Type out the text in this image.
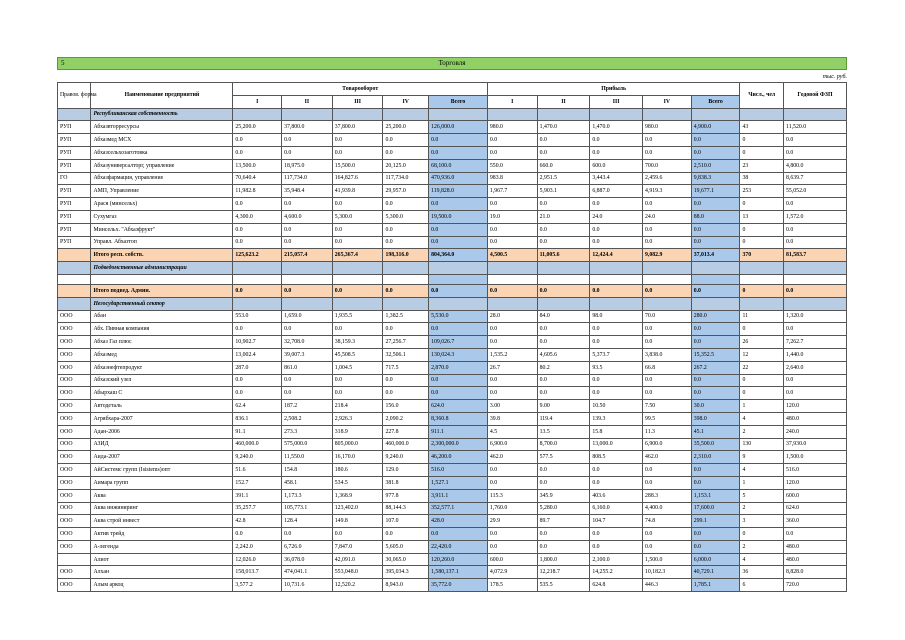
5	Торговля
тыс. руб.
Правов. форма	Наименование предприятий	Товарооборот					Прибыль					Числ., чел	Годовой ФЗП
		I	II	III	IV	Всего	I	II	III	IV	Всего		
	Республиканская собственность												
РУП	Абхазвторресурсы	25,200.0	37,800.0	37,800.0	25,200.0	126,000.0	980.0	1,470.0	1,470.0	980.0	4,900.0	43	11,520.0
РУП	Абхазмед МСХ	0.0	0.0	0.0	0.0	0.0	0.0	0.0	0.0	0.0	0.0	0	0.0
РУП	Абхазсельхозаготовка	0.0	0.0	0.0	0.0	0.0	0.0	0.0	0.0	0.0	0.0	0	0.0
РУП	Абхазуниверсалторг, управление	13,500.0	18,975.0	15,500.0	20,125.0	68,100.0	550.0	660.0	600.0	700.0	2,510.0	23	4,800.0
ГО	Абхазфармация, управление	70,640.4	117,734.0	164,827.6	117,734.0	470,936.0	983.8	2,951.5	3,443.4	2,459.6	9,838.3	38	8,639.7
РУП	АМП, Управление	11,982.8	35,948.4	41,939.8	29,957.0	119,828.0	1,967.7	5,903.1	6,887.0	4,919.3	19,677.1	253	55,052.0
РУП	Арася (минсельх)	0.0	0.0	0.0	0.0	0.0	0.0	0.0	0.0	0.0	0.0	0	0.0
РУП	Сухумгаз	4,300.0	4,600.0	5,300.0	5,300.0	19,500.0	19.0	21.0	24.0	24.0	88.0	13	1,572.0
РУП	Минсельх. "Абхазфрукт"	0.0	0.0	0.0	0.0	0.0	0.0	0.0	0.0	0.0	0.0	0	0.0
РУП	Управл. Абхазтоп	0.0	0.0	0.0	0.0	0.0	0.0	0.0	0.0	0.0	0.0	0	0.0
	Итого респ. собств.	125,623.2	215,057.4	265,367.4	198,316.0	804,364.0	4,500.5	11,005.6	12,424.4	9,082.9	37,013.4	370	81,583.7
	Подведомственные администрации												

	Итого подвед. Админ.	0.0	0.0	0.0	0.0	0.0	0.0	0.0	0.0	0.0	0.0	0	0.0
	Негосударственный сектор												
ООО	Абан	553.0	1,659.0	1,935.5	1,382.5	5,530.0	28.0	84.0	98.0	70.0	280.0	11	1,320.0
ООО	Абх. Пивная компания	0.0	0.0	0.0	0.0	0.0	0.0	0.0	0.0	0.0	0.0	0	0.0
ООО	Абхаз Газ плюс	10,902.7	32,708.0	38,159.3	27,256.7	109,026.7	0.0	0.0	0.0	0.0	0.0	26	7,262.7
ООО	Абхазмед	13,002.4	39,007.3	45,508.5	32,506.1	130,024.3	1,535.2	4,605.6	5,373.7	3,838.0	15,352.5	12	1,440.0
ООО	Абхазнефтепродукт	287.0	861.0	1,004.5	717.5	2,870.0	26.7	80.2	93.5	66.8	267.2	22	2,640.0
ООО	Абхазский узел	0.0	0.0	0.0	0.0	0.0	0.0	0.0	0.0	0.0	0.0	0	0.0
ООО	Абырхаш С	0.0	0.0	0.0	0.0	0.0	0.0	0.0	0.0	0.0	0.0	0	0.0
ООО	Автодеталь	62.4	187.2	218.4	156.0	624.0	3.00	9.00	10.50	7.50	30.0	1	120.0
ООО	Агрябхара-2007	836.1	2,508.2	2,926.3	2,090.2	8,360.8	39.8	119.4	139.3	99.5	398.0	4	480.0
ООО	Адан-2006	91.1	273.3	318.9	227.8	911.1	4.5	13.5	15.8	11.3	45.1	2	240.0
ООО	АЗИД	460,000.0	575,000.0	805,000.0	460,000.0	2,300,000.0	6,900.0	8,700.0	13,000.0	6,900.0	35,500.0	130	37,930.0
ООО	Аида-2007	9,240.0	11,550.0	16,170.0	9,240.0	46,200.0	462.0	577.5	808.5	462.0	2,310.0	9	1,500.0
ООО	АйСистемс групп (Isistems)опт	51.6	154.8	180.6	129.0	516.0	0.0	0.0	0.0	0.0	0.0	4	516.0
ООО	Аимара групп	152.7	458.1	534.5	381.8	1,527.1	0.0	0.0	0.0	0.0	0.0	1	120.0
ООО	Аква	391.1	1,173.3	1,368.9	977.8	3,911.1	115.3	345.9	403.6	288.3	1,153.1	5	600.0
ООО	Аква инжиниринг	35,257.7	105,773.1	123,402.0	88,144.3	352,577.1	1,760.0	5,280.0	6,160.0	4,400.0	17,600.0	2	624.0
ООО	Аква строй инвест	42.8	128.4	149.8	107.0	428.0	29.9	89.7	104.7	74.8	299.1	3	360.0
ООО	Актив трейд	0.0	0.0	0.0	0.0	0.0	0.0	0.0	0.0	0.0	0.0	0	0.0
ООО	А-легенда	2,242.0	6,726.0	7,847.0	5,605.0	22,420.0	0.0	0.0	0.0	0.0	0.0	2	480.0
	Алиот	12,026.0	36,078.0	42,091.0	30,065.0	120,260.0	600.0	1,800.0	2,100.0	1,500.0	6,000.0	4	480.0
ООО	Алхан	158,013.7	474,041.1	553,048.0	395,034.3	1,580,137.1	4,072.9	12,218.7	14,255.2	10,182.3	40,729.1	36	8,828.0
ООО	Алым аркоц	3,577.2	10,731.6	12,520.2	8,943.0	35,772.0	178.5	535.5	624.8	446.3	1,785.1	6	720.0
